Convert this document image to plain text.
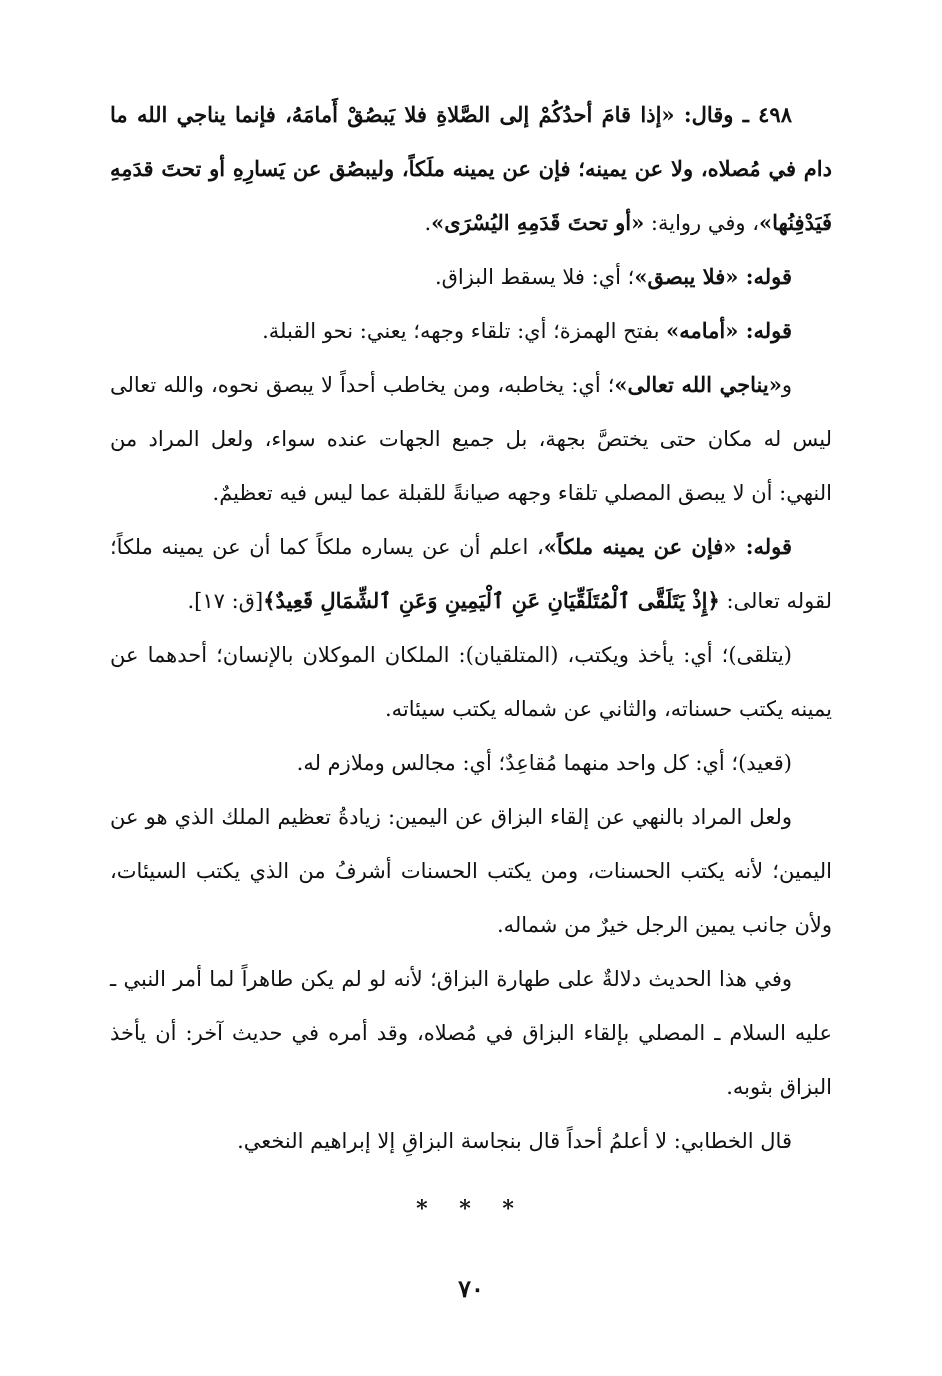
٤٩٨ ـ وقال: «إذا قامَ أحدُكُمْ إلى الصَّلاةِ فلا يَبصُقْ أَمامَهُ، فإنما يناجي الله ما دام في مُصلاه، ولا عن يمينه؛ فإن عن يمينه ملَكاً، وليبصُق عن يَسارِهِ أو تحتَ قدَمِهِ فَيَدْفِنُها»، وفي رواية: «أو تحتَ قَدَمِهِ اليُسْرَى».

قوله: «فلا يبصق»؛ أي: فلا يسقط البزاق.

قوله: «أمامه» بفتح الهمزة؛ أي: تلقاء وجهه؛ يعني: نحو القبلة.

و«يناجي الله تعالى»؛ أي: يخاطبه، ومن يخاطب أحداً لا يبصق نحوه، والله تعالى ليس له مكان حتى يختصَّ بجهة، بل جميع الجهات عنده سواء، ولعل المراد من النهي: أن لا يبصق المصلي تلقاء وجهه صيانةً للقبلة عما ليس فيه تعظيمٌ.

قوله: «فإن عن يمينه ملكاً»، اعلم أن عن يساره ملكاً كما أن عن يمينه ملكاً؛ لقوله تعالى: ﴿إِذْ يَتَلَقَّى ٱلْمُتَلَقِّيَانِ عَنِ ٱلْيَمِينِ وَعَنِ ٱلشِّمَالِ قَعِيدٌ﴾[ق: ١٧].

(يتلقى)؛ أي: يأخذ ويكتب، (المتلقيان): الملكان الموكلان بالإنسان؛ أحدهما عن يمينه يكتب حسناته، والثاني عن شماله يكتب سيئاته.

(قعيد)؛ أي: كل واحد منهما مُقاعِدٌ؛ أي: مجالس وملازم له.

ولعل المراد بالنهي عن إلقاء البزاق عن اليمين: زيادةُ تعظيم الملك الذي هو عن اليمين؛ لأنه يكتب الحسنات، ومن يكتب الحسنات أشرفُ من الذي يكتب السيئات، ولأن جانب يمين الرجل خيرٌ من شماله.

وفي هذا الحديث دلالةٌ على طهارة البزاق؛ لأنه لو لم يكن طاهراً لما أمر النبي ـ عليه السلام ـ المصلي بإلقاء البزاق في مُصلاه، وقد أمره في حديث آخر: أن يأخذ البزاق بثوبه.

قال الخطابي: لا أعلمُ أحداً قال بنجاسة البزاقِ إلا إبراهيم النخعي.

* * *
٧٠
